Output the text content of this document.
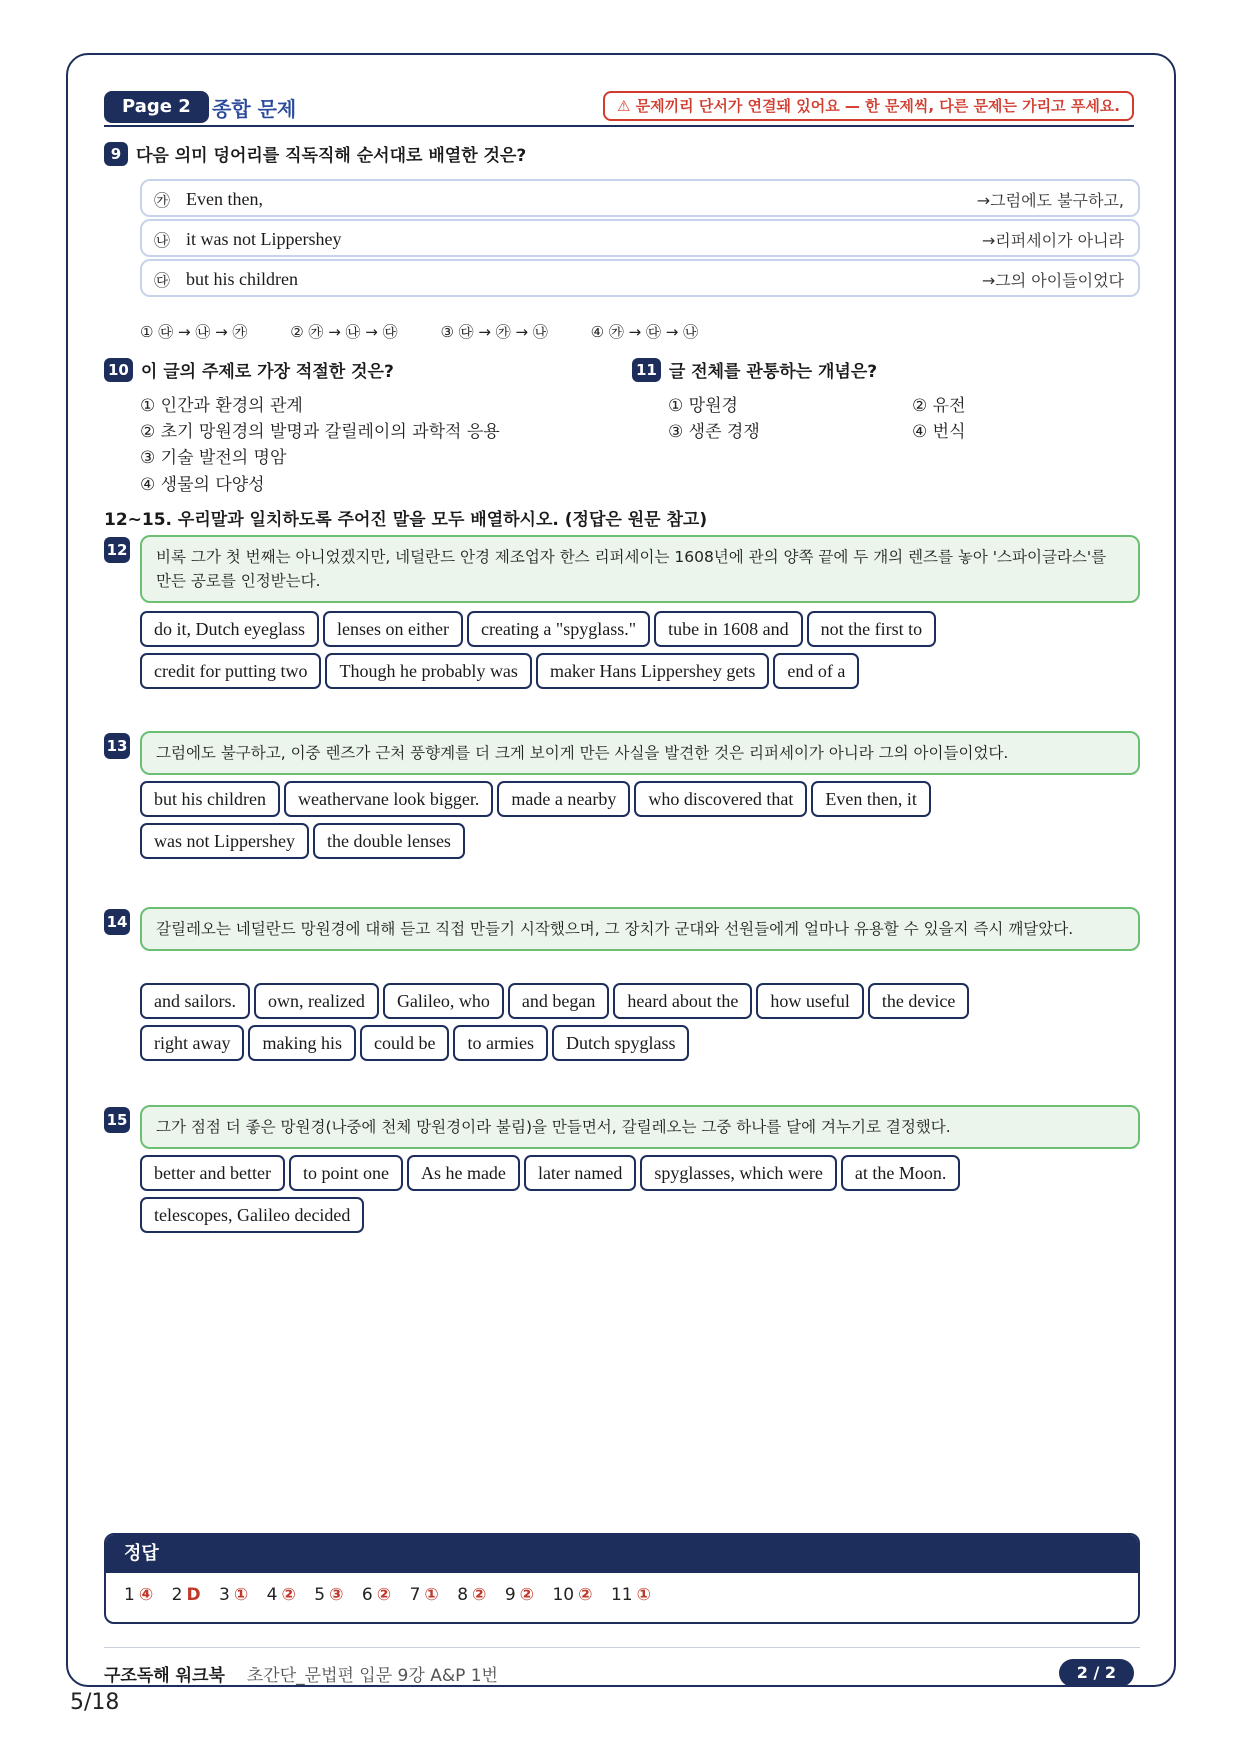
Page 2	종합 문제	⚠ 문제끼리 단서가 연결돼 있어요 — 한 문제씩, 다른 문제는 가리고 푸세요.
9 다음 의미 덩어리를 직독직해 순서대로 배열한 것은?
㉮ Even then,	→그럼에도 불구하고,
㉯ it was not Lippershey	→리퍼세이가 아니라
㉰ but his children	→그의 아이들이었다
① ㉰ → ㉯ → ㉮	② ㉮ → ㉯ → ㉰	③ ㉰ → ㉮ → ㉯	④ ㉮ → ㉰ → ㉯
10 이 글의 주제로 가장 적절한 것은?
① 인간과 환경의 관계
② 초기 망원경의 발명과 갈릴레이의 과학적 응용
③ 기술 발전의 명암
④ 생물의 다양성
11 글 전체를 관통하는 개념은?
① 망원경	② 유전
③ 생존 경쟁	④ 번식
12~15. 우리말과 일치하도록 주어진 말을 모두 배열하시오. (정답은 원문 참고)
12	비록 그가 첫 번째는 아니었겠지만, 네덜란드 안경 제조업자 한스 리퍼세이는 1608년에 관의 양쪽 끝에 두 개의 렌즈를 놓아 '스파이글라스'를 만든 공로를 인정받는다.
do it, Dutch eyeglass lenses on either creating a "spyglass." tube in 1608 and not the first to
credit for putting two Though he probably was maker Hans Lippershey gets end of a
13	그럼에도 불구하고, 이중 렌즈가 근처 풍향계를 더 크게 보이게 만든 사실을 발견한 것은 리퍼세이가 아니라 그의 아이들이었다.
but his children weathervane look bigger. made a nearby who discovered that Even then, it
was not Lippershey the double lenses
14	갈릴레오는 네덜란드 망원경에 대해 듣고 직접 만들기 시작했으며, 그 장치가 군대와 선원들에게 얼마나 유용할 수 있을지 즉시 깨달았다.
and sailors. own, realized Galileo, who and began heard about the how useful the device
right away making his could be to armies Dutch spyglass
15	그가 점점 더 좋은 망원경(나중에 천체 망원경이라 불림)을 만들면서, 갈릴레오는 그중 하나를 달에 겨누기로 결정했다.
better and better to point one As he made later named spyglasses, which were at the Moon.
telescopes, Galileo decided
정답
1 ④ 2 D 3 ① 4 ② 5 ③ 6 ② 7 ① 8 ② 9 ② 10 ② 11 ①
구조독해 워크북 초간단_문법편 입문 9강 A&P 1번	2 / 2
5/18
